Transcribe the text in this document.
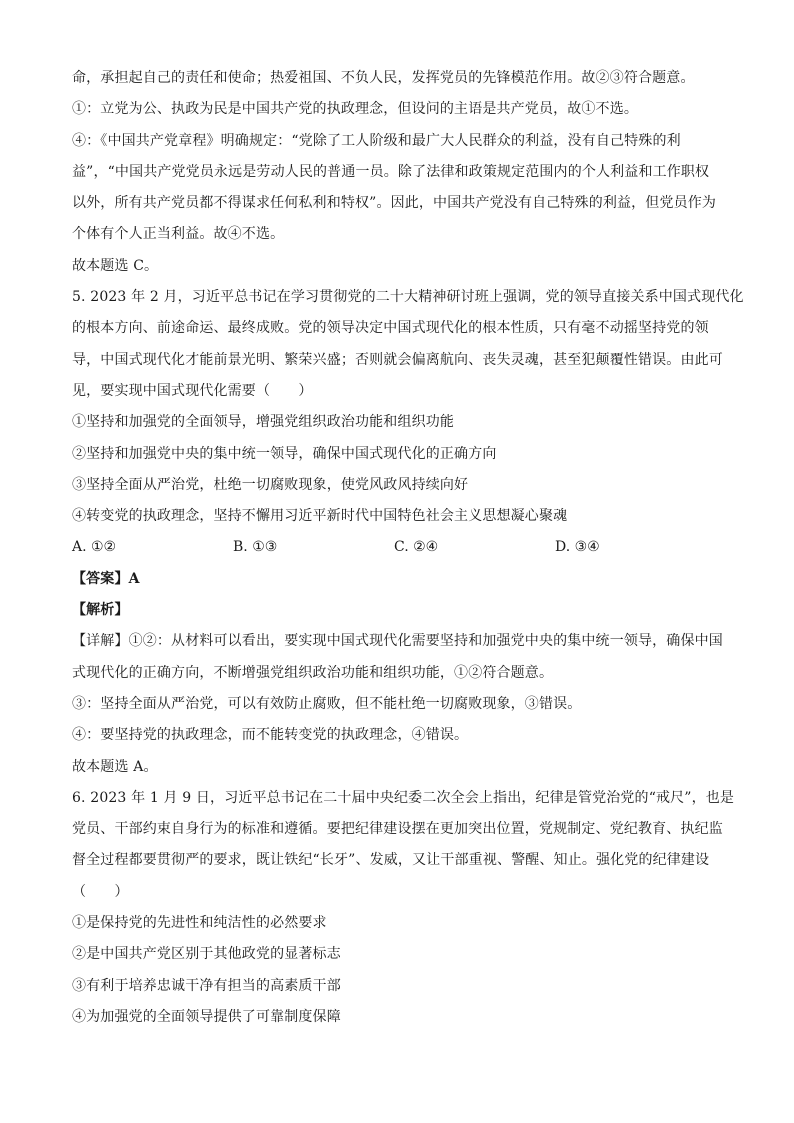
命，承担起自己的责任和使命；热爱祖国、不负人民，发挥党员的先锋模范作用。故②③符合题意。
①：立党为公、执政为民是中国共产党的执政理念，但设问的主语是共产党员，故①不选。
④：《中国共产党章程》明确规定：“党除了工人阶级和最广大人民群众的利益，没有自己特殊的利
益”，“中国共产党党员永远是劳动人民的普通一员。除了法律和政策规定范围内的个人利益和工作职权
以外，所有共产党员都不得谋求任何私利和特权”。因此，中国共产党没有自己特殊的利益，但党员作为
个体有个人正当利益。故④不选。
故本题选 C。
5. 2023 年 2 月，习近平总书记在学习贯彻党的二十大精神研讨班上强调，党的领导直接关系中国式现代化
的根本方向、前途命运、最终成败。党的领导决定中国式现代化的根本性质，只有毫不动摇坚持党的领
导，中国式现代化才能前景光明、繁荣兴盛；否则就会偏离航向、丧失灵魂，甚至犯颠覆性错误。由此可
见，要实现中国式现代化需要（　　）
①坚持和加强党的全面领导，增强党组织政治功能和组织功能
②坚持和加强党中央的集中统一领导，确保中国式现代化的正确方向
③坚持全面从严治党，杜绝一切腐败现象，使党风政风持续向好
④转变党的执政理念，坚持不懈用习近平新时代中国特色社会主义思想凝心聚魂
A. ①②	B. ①③	C. ②④	D. ③④
【答案】A
【解析】
【详解】①②：从材料可以看出，要实现中国式现代化需要坚持和加强党中央的集中统一领导，确保中国
式现代化的正确方向，不断增强党组织政治功能和组织功能，①②符合题意。
③：坚持全面从严治党，可以有效防止腐败，但不能杜绝一切腐败现象，③错误。
④：要坚持党的执政理念，而不能转变党的执政理念，④错误。
故本题选 A。
6. 2023 年 1 月 9 日，习近平总书记在二十届中央纪委二次全会上指出，纪律是管党治党的“戒尺”，也是
党员、干部约束自身行为的标准和遵循。要把纪律建设摆在更加突出位置，党规制定、党纪教育、执纪监
督全过程都要贯彻严的要求，既让铁纪“长牙”、发威，又让干部重视、警醒、知止。强化党的纪律建设
（　　）
①是保持党的先进性和纯洁性的必然要求
②是中国共产党区别于其他政党的显著标志
③有利于培养忠诚干净有担当的高素质干部
④为加强党的全面领导提供了可靠制度保障
